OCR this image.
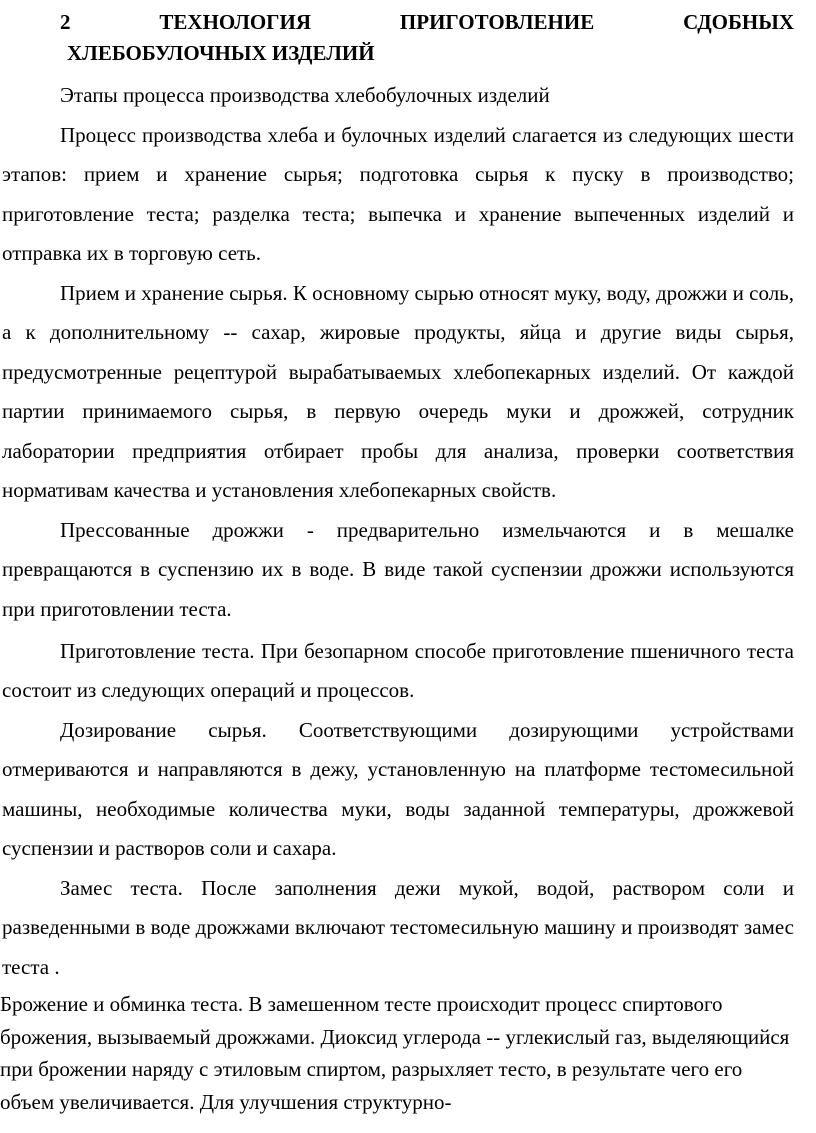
2 ТЕХНОЛОГИЯ ПРИГОТОВЛЕНИЕ СДОБНЫХ
ХЛЕБОБУЛОЧНЫХ ИЗДЕЛИЙ

Этапы процесса производства хлебобулочных изделий

Процесс производства хлеба и булочных изделий слагается из следующих шести этапов: прием и хранение сырья; подготовка сырья к пуску в производство; приготовление теста; разделка теста; выпечка и хранение выпеченных изделий и отправка их в торговую сеть.

Прием и хранение сырья. К основному сырью относят муку, воду, дрожжи и соль, а к дополнительному -- сахар, жировые продукты, яйца и другие виды сырья, предусмотренные рецептурой вырабатываемых хлебопекарных изделий. От каждой партии принимаемого сырья, в первую очередь муки и дрожжей, сотрудник лаборатории предприятия отбирает пробы для анализа, проверки соответствия нормативам качества и установления хлебопекарных свойств.

Прессованные дрожжи - предварительно измельчаются и в мешалке превращаются в суспензию их в воде. В виде такой суспензии дрожжи используются при приготовлении теста.

Приготовление теста. При безопарном способе приготовление пшеничного теста состоит из следующих операций и процессов.

Дозирование сырья. Соответствующими дозирующими устройствами отмериваются и направляются в дежу, установленную на платформе тестомесильной машины, необходимые количества муки, воды заданной температуры, дрожжевой суспензии и растворов соли и сахара.

Замес теста. После заполнения дежи мукой, водой, раствором соли и разведенными в воде дрожжами включают тестомесильную машину и производят замес теста .

Брожение и обминка теста. В замешенном тесте происходит процесс спиртового брожения, вызываемый дрожжами. Диоксид углерода -- углекислый газ, выделяющийся при брожении наряду с этиловым спиртом, разрыхляет тесто, в результате чего его объем увеличивается. Для улучшения структурно-
